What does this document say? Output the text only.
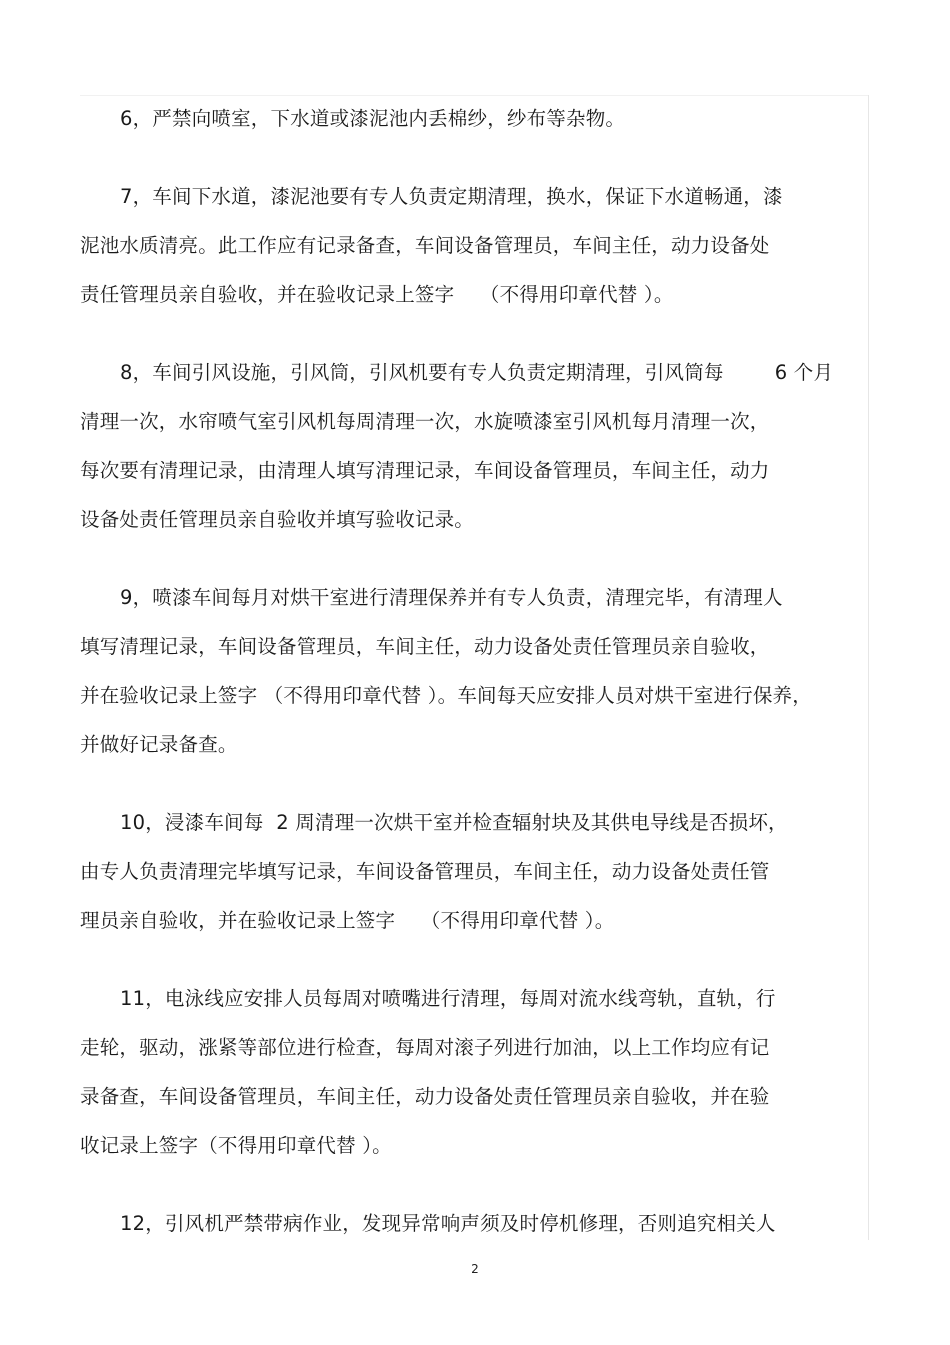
6，严禁向喷室，下水道或漆泥池内丢棉纱，纱布等杂物。
7，车间下水道，漆泥池要有专人负责定期清理，换水，保证下水道畅通，漆
泥池水质清亮。此工作应有记录备查，车间设备管理员，车间主任，动力设备处
责任管理员亲自验收，并在验收记录上签字    （不得用印章代替 ）。
8，车间引风设施，引风筒，引风机要有专人负责定期清理，引风筒每        6 个月
清理一次，水帘喷气室引风机每周清理一次，水旋喷漆室引风机每月清理一次，
每次要有清理记录，由清理人填写清理记录，车间设备管理员，车间主任，动力
设备处责任管理员亲自验收并填写验收记录。
9，喷漆车间每月对烘干室进行清理保养并有专人负责，清理完毕，有清理人
填写清理记录，车间设备管理员，车间主任，动力设备处责任管理员亲自验收，
并在验收记录上签字 （不得用印章代替 ）。车间每天应安排人员对烘干室进行保养，
并做好记录备查。
10，浸漆车间每  2 周清理一次烘干室并检查辐射块及其供电导线是否损坏，
由专人负责清理完毕填写记录，车间设备管理员，车间主任，动力设备处责任管
理员亲自验收，并在验收记录上签字    （不得用印章代替 ）。
11，电泳线应安排人员每周对喷嘴进行清理，每周对流水线弯轨，直轨，行
走轮，驱动，涨紧等部位进行检查，每周对滚子列进行加油，以上工作均应有记
录备查，车间设备管理员，车间主任，动力设备处责任管理员亲自验收，并在验
收记录上签字（不得用印章代替 ）。
12，引风机严禁带病作业，发现异常响声须及时停机修理，否则追究相关人
2
